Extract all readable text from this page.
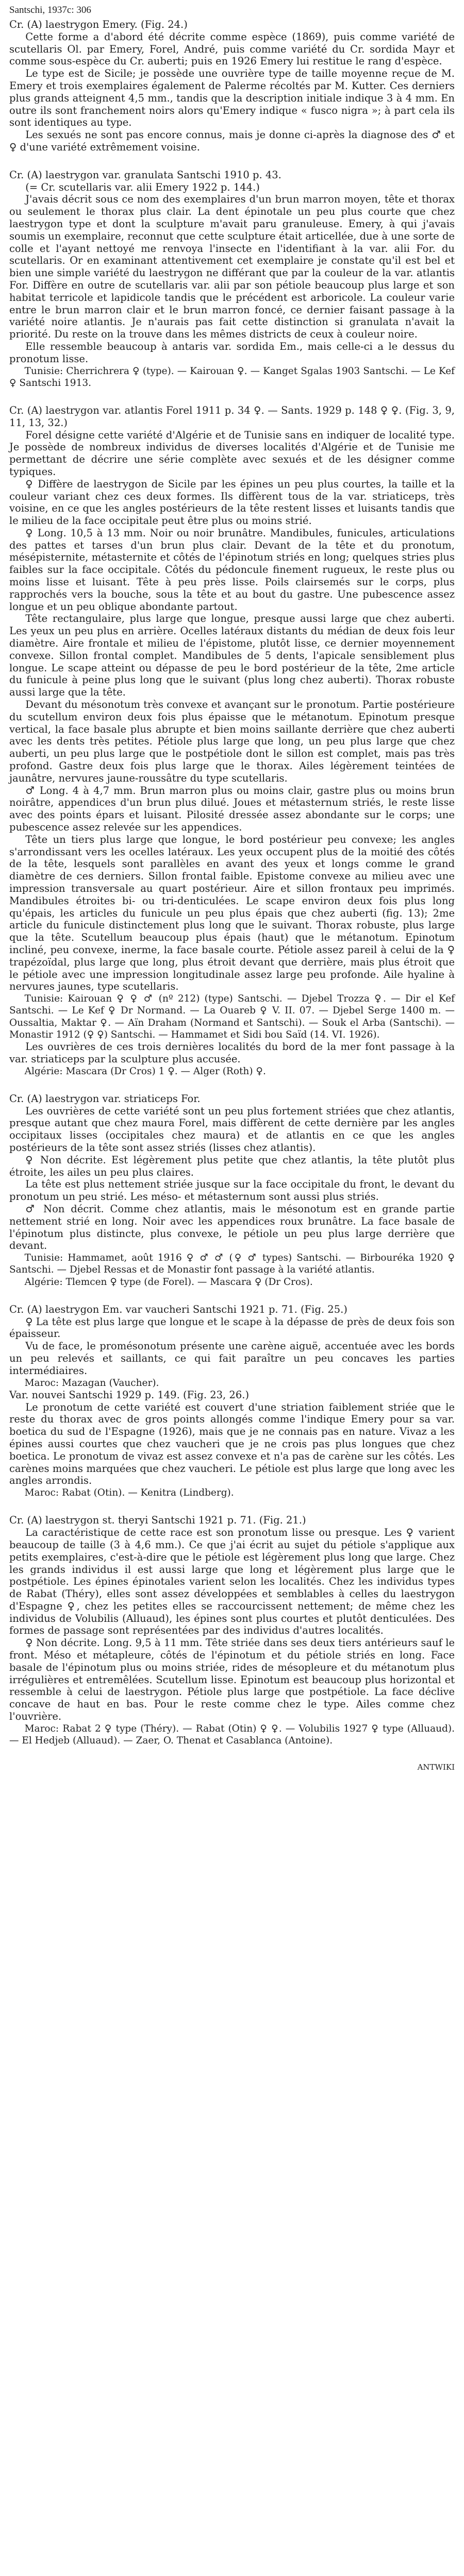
Santschi, 1937c: 306

Cr. (A) laestrygon Emery. (Fig. 24.)

Cette forme a d'abord été décrite comme espèce (1869), puis comme variété de scutellaris Ol. par Emery, Forel, André, puis comme variété du Cr. sordida Mayr et comme sous-espèce du Cr. auberti; puis en 1926 Emery lui restitue le rang d'espèce.

Le type est de Sicile; je possède une ouvrière type de taille moyenne reçue de M. Emery et trois exemplaires également de Palerme récoltés par M. Kutter. Ces derniers plus grands atteignent 4,5 mm., tandis que la description initiale indique 3 à 4 mm. En outre ils sont franchement noirs alors qu'Emery indique « fusco nigra »; à part cela ils sont identiques au type.

Les sexués ne sont pas encore connus, mais je donne ci-après la diagnose des ♂ et ♀ d'une variété extrêmement voisine.

Cr. (A) laestrygon var. granulata Santschi 1910 p. 43.

(= Cr. scutellaris var. alii Emery 1922 p. 144.)

J'avais décrit sous ce nom des exemplaires d'un brun marron moyen, tête et thorax ou seulement le thorax plus clair. La dent épinotale un peu plus courte que chez laestrygon type et dont la sculpture m'avait paru granuleuse. Emery, à qui j'avais soumis un exemplaire, reconnut que cette sculpture était articellée, due à une sorte de colle et l'ayant nettoyé me renvoya l'insecte en l'identifiant à la var. alii For. du scutellaris. Or en examinant attentivement cet exemplaire je constate qu'il est bel et bien une simple variété du laestrygon ne différant que par la couleur de la var. atlantis For. Diffère en outre de scutellaris var. alii par son pétiole beaucoup plus large et son habitat terricole et lapidicole tandis que le précédent est arboricole. La couleur varie entre le brun marron clair et le brun marron foncé, ce dernier faisant passage à la variété noire atlantis. Je n'aurais pas fait cette distinction si granulata n'avait la priorité. Du reste on la trouve dans les mêmes districts de ceux à couleur noire.

Elle ressemble beaucoup à antaris var. sordida Em., mais celle-ci a le dessus du pronotum lisse.

Tunisie: Cherrichrera ♀ (type). — Kairouan ♀. — Kanget Sgalas 1903 Santschi. — Le Kef ♀ Santschi 1913.

Cr. (A) laestrygon var. atlantis Forel 1911 p. 34 ♀. — Sants. 1929 p. 148 ♀ ♀. (Fig. 3, 9, 11, 13, 32.)

Forel désigne cette variété d'Algérie et de Tunisie sans en indiquer de localité type. Je possède de nombreux individus de diverses localités d'Algérie et de Tunisie me permettant de décrire une série complète avec sexués et de les désigner comme typiques.

♀ Diffère de laestrygon de Sicile par les épines un peu plus courtes, la taille et la couleur variant chez ces deux formes. Ils diffèrent tous de la var. striaticeps, très voisine, en ce que les angles postérieurs de la tête restent lisses et luisants tandis que le milieu de la face occipitale peut être plus ou moins strié.

♀ Long. 10,5 à 13 mm. Noir ou noir brunâtre. Mandibules, funicules, articulations des pattes et tarses d'un brun plus clair. Devant de la tête et du pronotum, mésépisternite, métasternite et côtés de l'épinotum striés en long; quelques stries plus faibles sur la face occipitale. Côtés du pédoncule finement rugueux, le reste plus ou moins lisse et luisant. Tête à peu près lisse. Poils clairsemés sur le corps, plus rapprochés vers la bouche, sous la tête et au bout du gastre. Une pubescence assez longue et un peu oblique abondante partout.

Tête rectangulaire, plus large que longue, presque aussi large que chez auberti. Les yeux un peu plus en arrière. Ocelles latéraux distants du médian de deux fois leur diamètre. Aire frontale et milieu de l'épistome, plutôt lisse, ce dernier moyennement convexe. Sillon frontal complet. Mandibules de 5 dents, l'apicale sensiblement plus longue. Le scape atteint ou dépasse de peu le bord postérieur de la tête, 2me article du funicule à peine plus long que le suivant (plus long chez auberti). Thorax robuste aussi large que la tête.

Devant du mésonotum très convexe et avançant sur le pronotum. Partie postérieure du scutellum environ deux fois plus épaisse que le métanotum. Epinotum presque vertical, la face basale plus abrupte et bien moins saillante derrière que chez auberti avec les dents très petites. Pétiole plus large que long, un peu plus large que chez auberti, un peu plus large que le postpétiole dont le sillon est complet, mais pas très profond. Gastre deux fois plus large que le thorax. Ailes légèrement teintées de jaunâtre, nervures jaune-roussâtre du type scutellaris.

♂ Long. 4 à 4,7 mm. Brun marron plus ou moins clair, gastre plus ou moins brun noirâtre, appendices d'un brun plus dilué. Joues et métasternum striés, le reste lisse avec des points épars et luisant. Pilosité dressée assez abondante sur le corps; une pubescence assez relevée sur les appendices.

Tête un tiers plus large que longue, le bord postérieur peu convexe; les angles s'arrondissant vers les ocelles latéraux. Les yeux occupent plus de la moitié des côtés de la tête, lesquels sont parallèles en avant des yeux et longs comme le grand diamètre de ces derniers. Sillon frontal faible. Epistome convexe au milieu avec une impression transversale au quart postérieur. Aire et sillon frontaux peu imprimés. Mandibules étroites bi- ou tri-denticulées. Le scape environ deux fois plus long qu'épais, les articles du funicule un peu plus épais que chez auberti (fig. 13); 2me article du funicule distinctement plus long que le suivant. Thorax robuste, plus large que la tête. Scutellum beaucoup plus épais (haut) que le métanotum. Epinotum incliné, peu convexe, inerme, la face basale courte. Pétiole assez pareil à celui de la ♀ trapézoïdal, plus large que long, plus étroit devant que derrière, mais plus étroit que le pétiole avec une impression longitudinale assez large peu profonde. Aile hyaline à nervures jaunes, type scutellaris.

Tunisie: Kairouan ♀ ♀ ♂ (nº 212) (type) Santschi. — Djebel Trozza ♀. — Dir el Kef Santschi. — Le Kef ♀ Dr Normand. — La Ouareb ♀ V. II. 07. — Djebel Serge 1400 m. — Oussaltia, Maktar ♀. — Aïn Draham (Normand et Santschi). — Souk el Arba (Santschi). — Monastir 1912 (♀ ♀) Santschi. — Hammamet et Sidi bou Saïd (14. VI. 1926).

Les ouvrières de ces trois dernières localités du bord de la mer font passage à la var. striaticeps par la sculpture plus accusée.

Algérie: Mascara (Dr Cros) 1 ♀. — Alger (Roth) ♀.

Cr. (A) laestrygon var. striaticeps For.

Les ouvrières de cette variété sont un peu plus fortement striées que chez atlantis, presque autant que chez maura Forel, mais diffèrent de cette dernière par les angles occipitaux lisses (occipitales chez maura) et de atlantis en ce que les angles postérieurs de la tête sont assez striés (lisses chez atlantis).

♀ Non décrite. Est légèrement plus petite que chez atlantis, la tête plutôt plus étroite, les ailes un peu plus claires.

La tête est plus nettement striée jusque sur la face occipitale du front, le devant du pronotum un peu strié. Les méso- et métasternum sont aussi plus striés.

♂ Non décrit. Comme chez atlantis, mais le mésonotum est en grande partie nettement strié en long. Noir avec les appendices roux brunâtre. La face basale de l'épinotum plus distincte, plus convexe, le pétiole un peu plus large derrière que devant.

Tunisie: Hammamet, août 1916 ♀ ♂ ♂ (♀ ♂ types) Santschi. — Birbouréka 1920 ♀ Santschi. — Djebel Ressas et de Monastir font passage à la variété atlantis.

Algérie: Tlemcen ♀ type (de Forel). — Mascara ♀ (Dr Cros).

Cr. (A) laestrygon Em. var vaucheri Santschi 1921 p. 71. (Fig. 25.)

♀ La tête est plus large que longue et le scape à la dépasse de près de deux fois son épaisseur.

Vu de face, le promésonotum présente une carène aiguë, accentuée avec les bords un peu relevés et saillants, ce qui fait paraître un peu concaves les parties intermédiaires.

Maroc: Mazagan (Vaucher).

Var. nouvei Santschi 1929 p. 149. (Fig. 23, 26.)

Le pronotum de cette variété est couvert d'une striation faiblement striée que le reste du thorax avec de gros points allongés comme l'indique Emery pour sa var. boetica du sud de l'Espagne (1926), mais que je ne connais pas en nature. Vivaz a les épines aussi courtes que chez vaucheri que je ne crois pas plus longues que chez boetica. Le pronotum de vivaz est assez convexe et n'a pas de carène sur les côtés. Les carènes moins marquées que chez vaucheri. Le pétiole est plus large que long avec les angles arrondis.

Maroc: Rabat (Otin). — Kenitra (Lindberg).

Cr. (A) laestrygon st. theryi Santschi 1921 p. 71. (Fig. 21.)

La caractéristique de cette race est son pronotum lisse ou presque. Les ♀ varient beaucoup de taille (3 à 4,6 mm.). Ce que j'ai écrit au sujet du pétiole s'applique aux petits exemplaires, c'est-à-dire que le pétiole est légèrement plus long que large. Chez les grands individus il est aussi large que long et légèrement plus large que le postpétiole. Les épines épinotales varient selon les localités. Chez les individus types de Rabat (Théry), elles sont assez développées et semblables à celles du laestrygon d'Espagne ♀, chez les petites elles se raccourcissent nettement; de même chez les individus de Volubilis (Alluaud), les épines sont plus courtes et plutôt denticulées. Des formes de passage sont représentées par des individus d'autres localités.

♀ Non décrite. Long. 9,5 à 11 mm. Tête striée dans ses deux tiers antérieurs sauf le front. Méso et métapleure, côtés de l'épinotum et du pétiole striés en long. Face basale de l'épinotum plus ou moins striée, rides de mésopleure et du métanotum plus irrégulières et entremêlées. Scutellum lisse. Epinotum est beaucoup plus horizontal et ressemble à celui de laestrygon. Pétiole plus large que postpétiole. La face déclive concave de haut en bas. Pour le reste comme chez le type. Ailes comme chez l'ouvrière.

Maroc: Rabat 2 ♀ type (Théry). — Rabat (Otin) ♀ ♀. — Volubilis 1927 ♀ type (Alluaud). — El Hedjeb (Alluaud). — Zaer, O. Thenat et Casablanca (Antoine).

ANTWIKI
